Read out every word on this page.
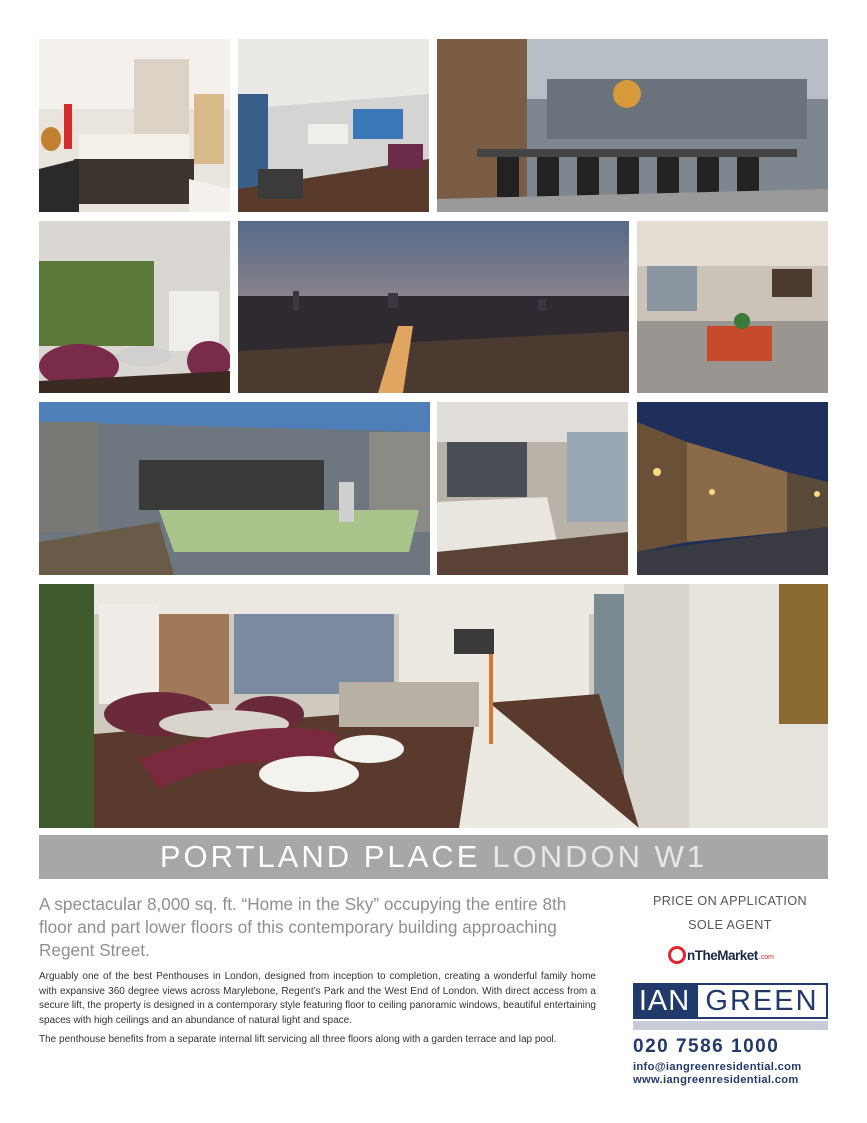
PORTLAND PLACE LONDON W1
A spectacular 8,000 sq. ft. “Home in the Sky” occupying the entire 8th floor and part lower floors of this contemporary building approaching Regent Street.

Arguably one of the best Penthouses in London, designed from inception to completion, creating a wonderful family home with expansive 360 degree views across Marylebone, Regent’s Park and the West End of London. With direct access from a secure lift, the property is designed in a contemporary style featuring floor to ceiling panoramic windows, beautiful entertaining spaces with high ceilings and an abundance of natural light and space.

The penthouse benefits from a separate internal lift servicing all three floors along with a garden terrace and lap pool.

PRICE ON APPLICATION
SOLE AGENT
nTheMarket .com
IAN GREEN
020 7586 1000
info@iangreenresidential.com
www.iangreenresidential.com
